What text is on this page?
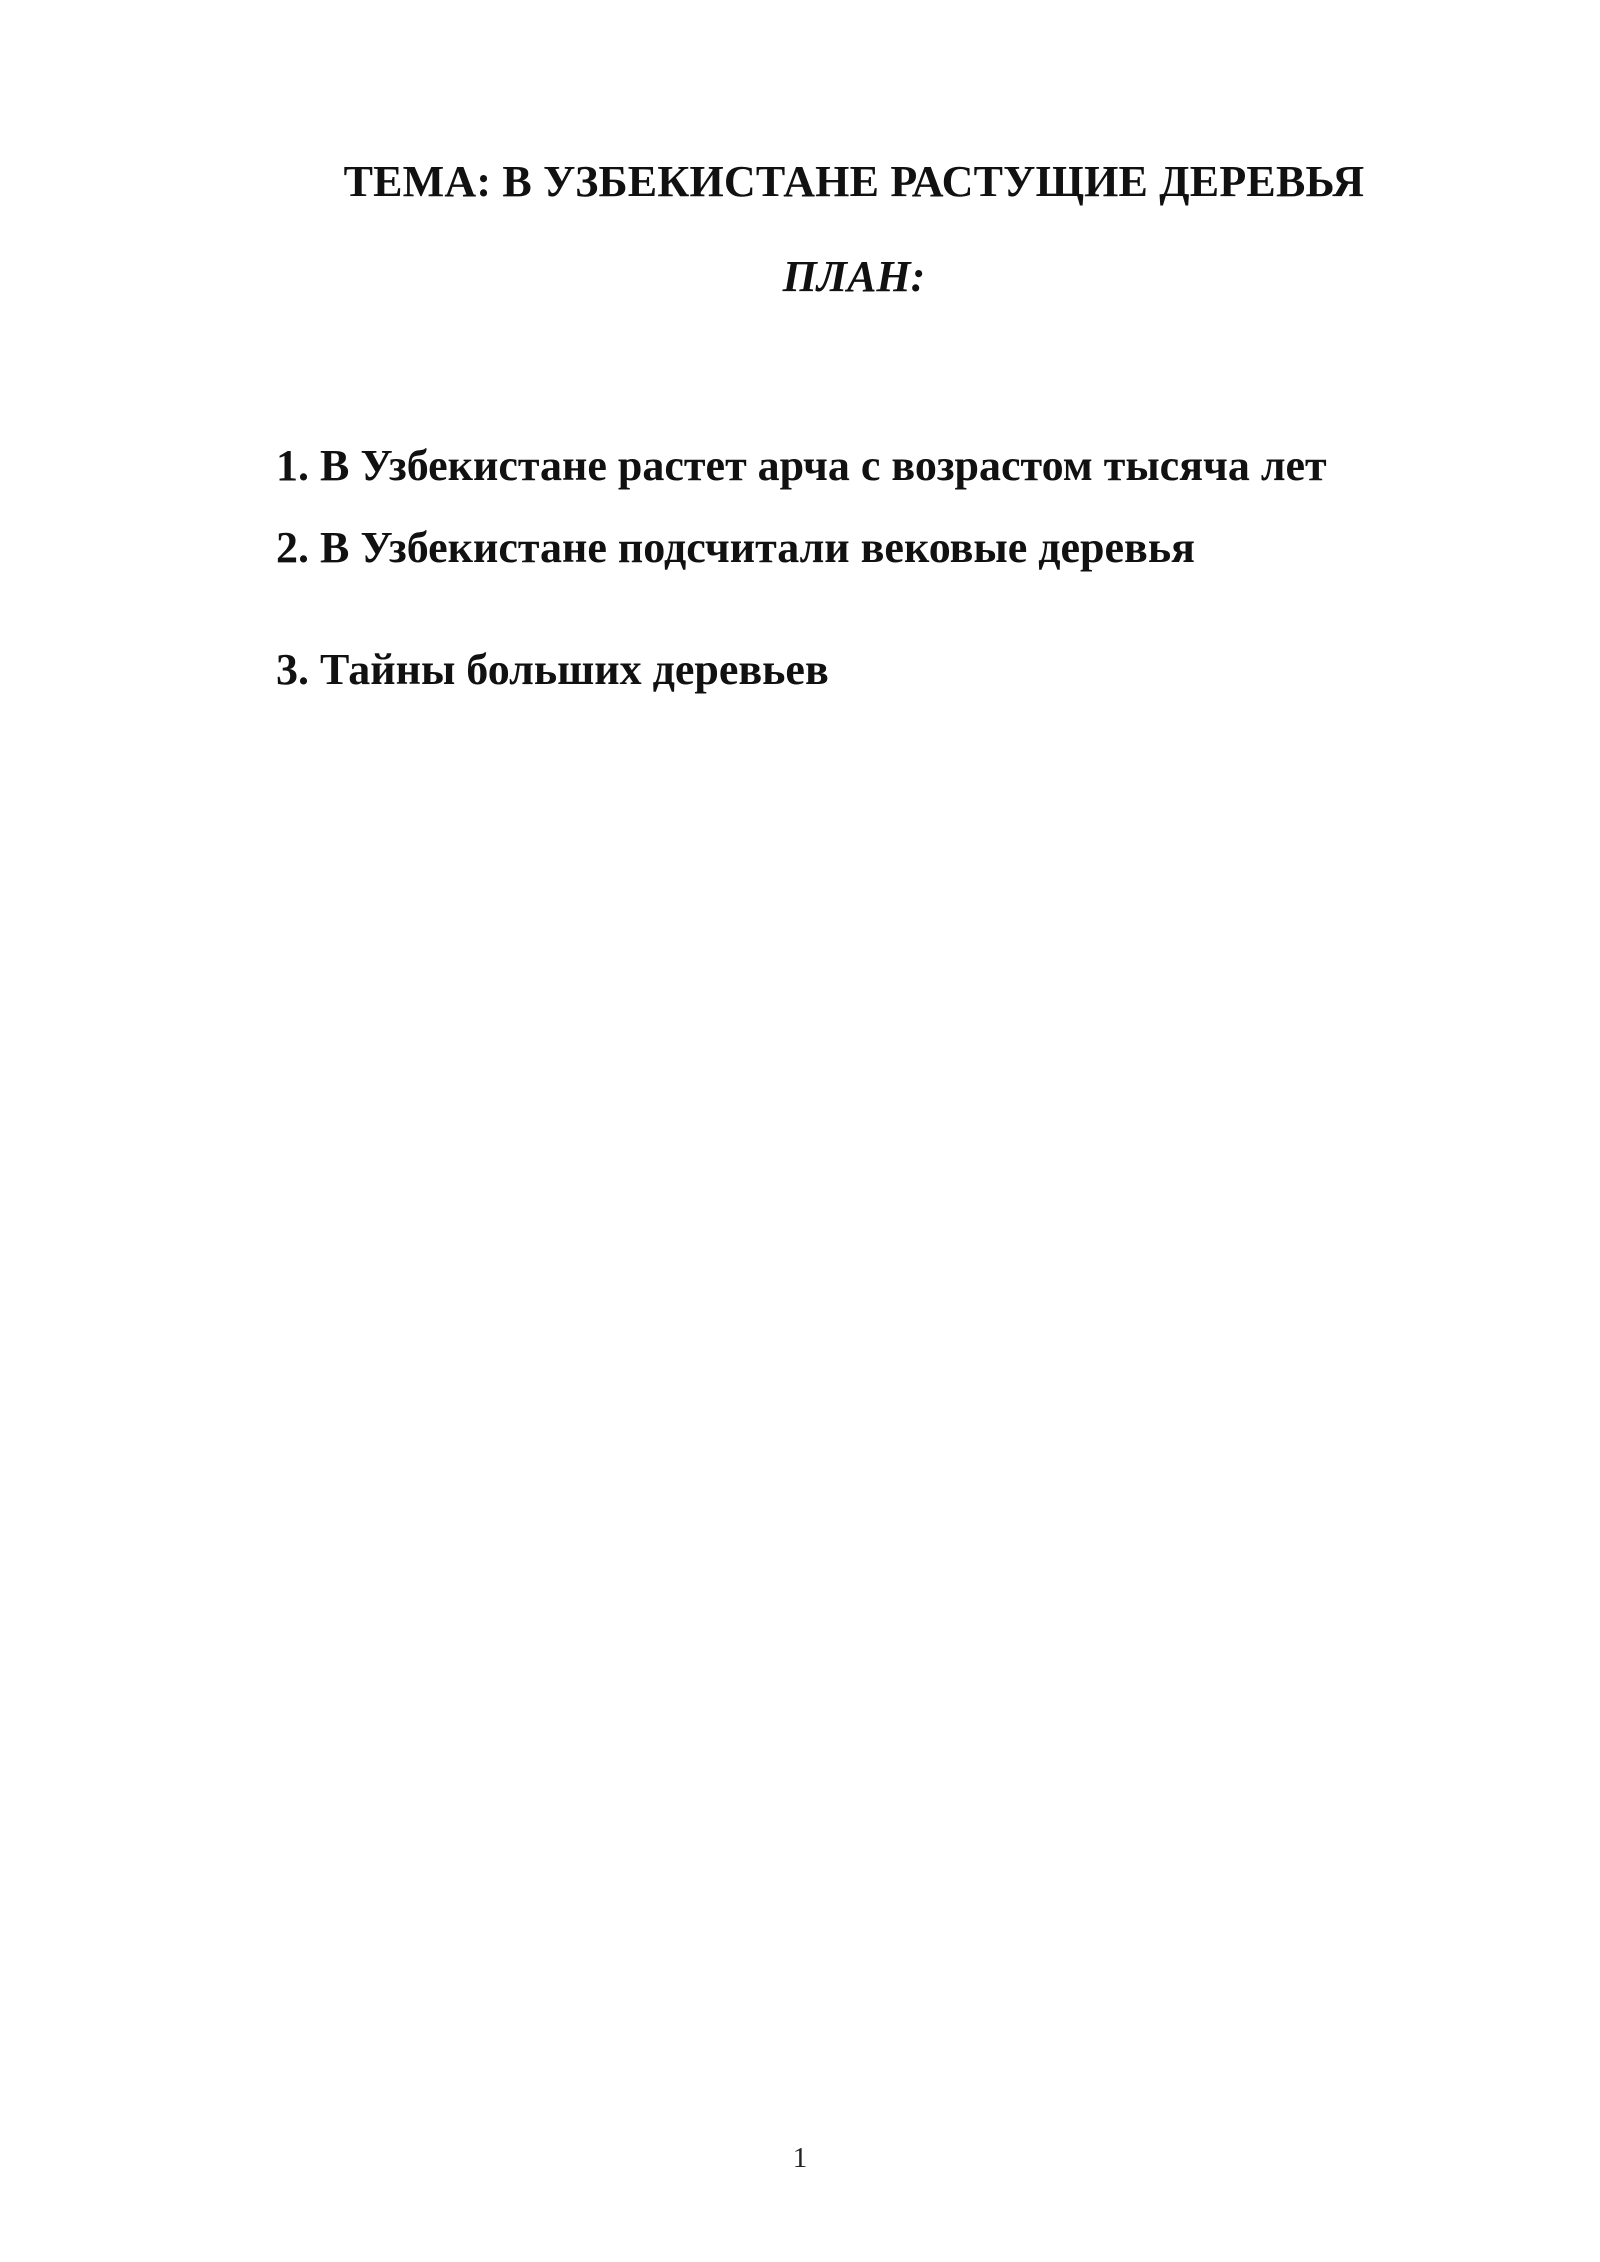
ТЕМА: В УЗБЕКИСТАНЕ РАСТУЩИЕ ДЕРЕВЬЯ
ПЛАН:
1. В Узбекистане растет арча с возрастом тысяча лет
2. В Узбекистане подсчитали вековые деревья
3. Тайны больших деревьев
1
